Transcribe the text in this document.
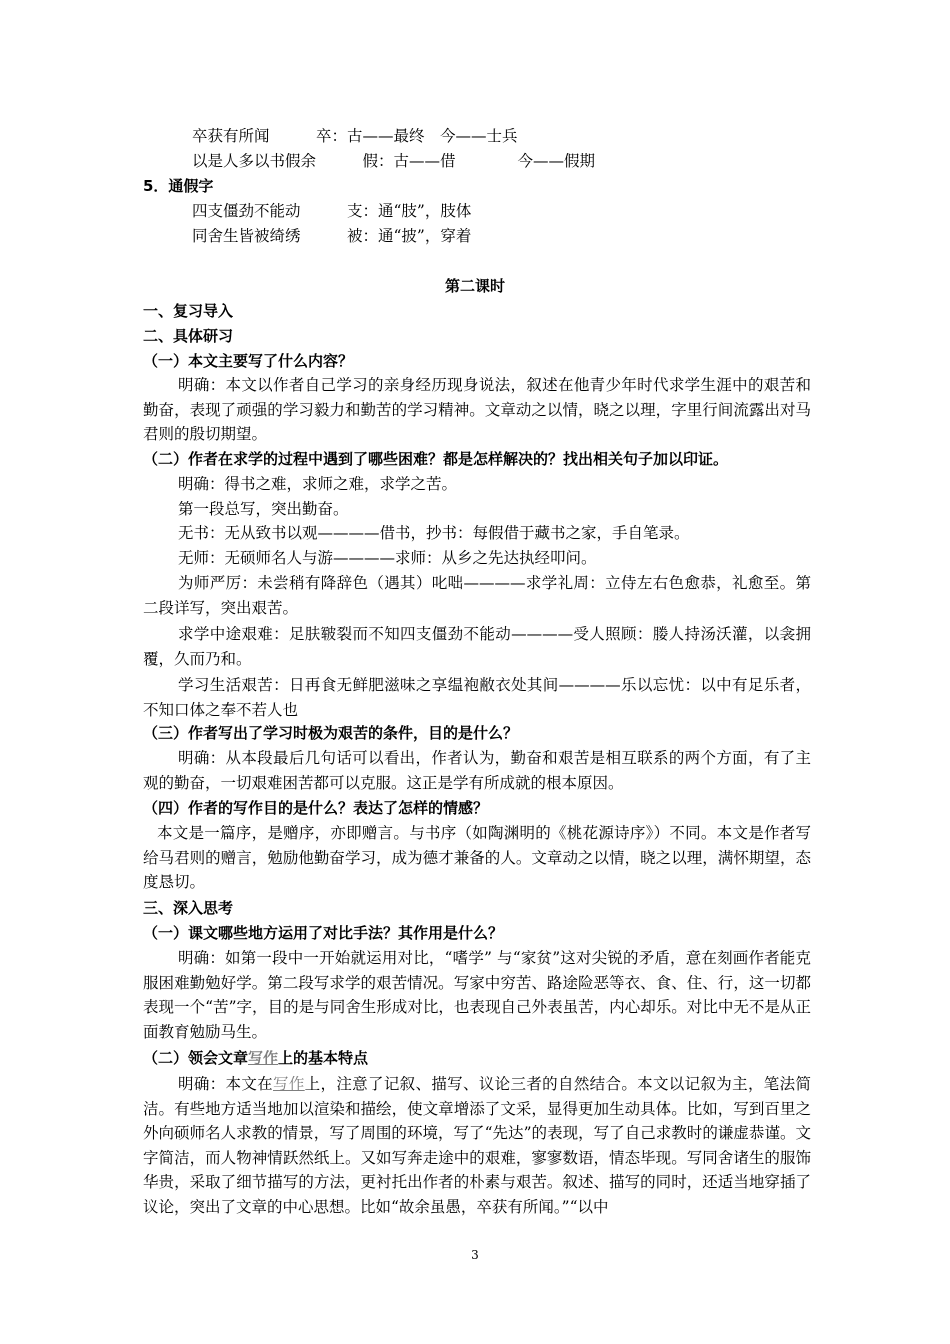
卒获有所闻　　　卒：古——最终　今——士兵
以是人多以书假余　　　假：古——借　　　　今——假期
5．通假字
四支僵劲不能动　　　支：通“肢”，肢体
同舍生皆被绮绣　　　被：通“披”，穿着
第二课时
一、复习导入
二、具体研习
（一）本文主要写了什么内容？
明确：本文以作者自己学习的亲身经历现身说法，叙述在他青少年时代求学生涯中的艰苦和勤奋，表现了顽强的学习毅力和勤苦的学习精神。文章动之以情，晓之以理，字里行间流露出对马君则的殷切期望。
（二）作者在求学的过程中遇到了哪些困难？都是怎样解决的？找出相关句子加以印证。
明确：得书之难，求师之难，求学之苦。
第一段总写，突出勤奋。
无书：无从致书以观————借书，抄书：每假借于藏书之家，手自笔录。
无师：无硕师名人与游————求师：从乡之先达执经叩问。
为师严厉：未尝稍有降辞色（遇其）叱咄————求学礼周：立侍左右色愈恭，礼愈至。第二段详写，突出艰苦。
求学中途艰难：足肤皲裂而不知四支僵劲不能动————受人照顾：媵人持汤沃灌，以衾拥覆，久而乃和。
学习生活艰苦：日再食无鲜肥滋味之享缊袍敝衣处其间————乐以忘忧：以中有足乐者，不知口体之奉不若人也
（三）作者写出了学习时极为艰苦的条件，目的是什么？
明确：从本段最后几句话可以看出，作者认为，勤奋和艰苦是相互联系的两个方面，有了主观的勤奋，一切艰难困苦都可以克服。这正是学有所成就的根本原因。
（四）作者的写作目的是什么？表达了怎样的情感？
本文是一篇序，是赠序，亦即赠言。与书序（如陶渊明的《桃花源诗序》）不同。本文是作者写给马君则的赠言，勉励他勤奋学习，成为德才兼备的人。文章动之以情，晓之以理，满怀期望，态度恳切。
三、深入思考
（一）课文哪些地方运用了对比手法？其作用是什么？
明确：如第一段中一开始就运用对比，“嗜学” 与“家贫”这对尖锐的矛盾，意在刻画作者能克服困难勤勉好学。第二段写求学的艰苦情况。写家中穷苦、路途险恶等衣、食、住、行，这一切都表现一个“苦”字，目的是与同舍生形成对比，也表现自己外表虽苦，内心却乐。对比中无不是从正面教育勉励马生。
（二）领会文章写作上的基本特点
明确：本文在写作上，注意了记叙、描写、议论三者的自然结合。本文以记叙为主，笔法简洁。有些地方适当地加以渲染和描绘，使文章增添了文采，显得更加生动具体。比如，写到百里之外向硕师名人求教的情景，写了周围的环境，写了“先达”的表现，写了自己求教时的谦虚恭谨。文字简洁，而人物神情跃然纸上。又如写奔走途中的艰难，寥寥数语，情态毕现。写同舍诸生的服饰华贵，采取了细节描写的方法，更衬托出作者的朴素与艰苦。叙述、描写的同时，还适当地穿插了议论，突出了文章的中心思想。比如“故余虽愚，卒获有所闻。”“以中
3
